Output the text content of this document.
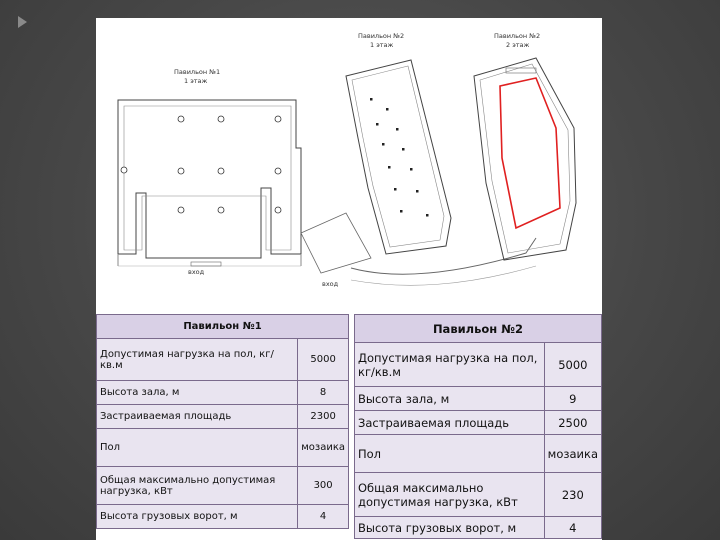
Павильон №1
1 этаж
Павильон №2
1 этаж
Павильон №2
2 этаж
вход
вход
Павильон №1	
Допустимая нагрузка на пол, кг/кв.м	5000
Высота зала, м	8
Застраиваемая площадь	2300
Пол	мозаика
Общая максимально допустимая нагрузка, кВт	300
Высота грузовых ворот, м	4
Павильон №2	
Допустимая нагрузка на пол, кг/кв.м	5000
Высота зала, м	9
Застраиваемая площадь	2500
Пол	мозаика
Общая максимально допустимая нагрузка, кВт	230
Высота грузовых ворот, м	4
